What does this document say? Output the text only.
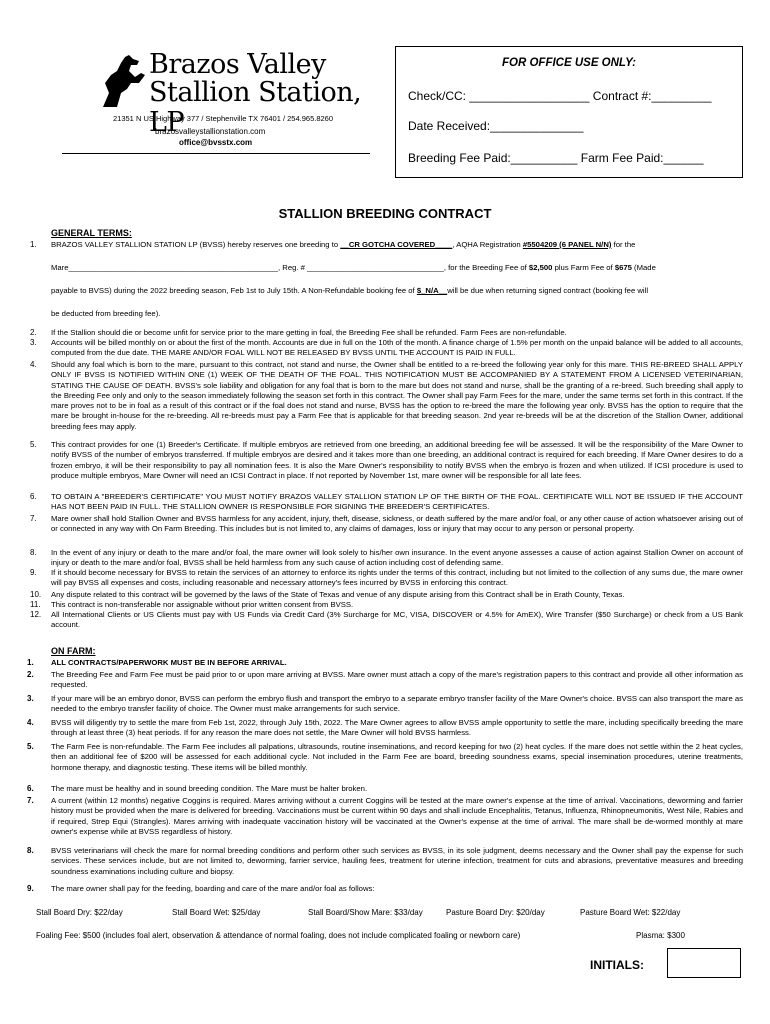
Brazos Valley
Stallion Station, LP
21351 N US Highway 377 / Stephenville TX 76401 / 254.965.8260
brazosvalleystallionstation.com
office@bvsstx.com
FOR OFFICE USE ONLY:
Check/CC: __________________ Contract #:_________
Date Received:______________
Breeding Fee Paid:__________ Farm Fee Paid:______
STALLION BREEDING CONTRACT
GENERAL TERMS:
1. BRAZOS VALLEY STALLION STATION LP (BVSS) hereby reserves one breeding to __CR GOTCHA COVERED____, AQHA Registration #5504209 (6 PANEL N/N) for the
Mare_________________________________________________, Reg. # ________________________________, for the Breeding Fee of $2,500 plus Farm Fee of $675 (Made
payable to BVSS) during the 2022 breeding season, Feb 1st to July 15th. A Non-Refundable booking fee of $_N/A__will be due when returning signed contract (booking fee will
be deducted from breeding fee).
2. If the Stallion should die or become unfit for service prior to the mare getting in foal, the Breeding Fee shall be refunded. Farm Fees are non-refundable.
3. Accounts will be billed monthly on or about the first of the month. Accounts are due in full on the 10th of the month. A finance charge of 1.5% per month on the unpaid balance will be added to all accounts, computed from the due date. THE MARE AND/OR FOAL WILL NOT BE RELEASED BY BVSS UNTIL THE ACCOUNT IS PAID IN FULL.
4. Should any foal which is born to the mare, pursuant to this contract, not stand and nurse, the Owner shall be entitled to a re-breed the following year only for this mare. THIS RE-BREED SHALL APPLY ONLY IF BVSS IS NOTIFIED WITHIN ONE (1) WEEK OF THE DEATH OF THE FOAL. THIS NOTIFICATION MUST BE ACCOMPANIED BY A STATEMENT FROM A LICENSED VETERINARIAN, STATING THE CAUSE OF DEATH. BVSS's sole liability and obligation for any foal that is born to the mare but does not stand and nurse, shall be the granting of a re-breed. Such breeding shall apply to the Breeding Fee only and only to the season immediately following the season set forth in this contract. The Owner shall pay Farm Fees for the mare, under the same terms set forth in this contract. If the mare proves not to be in foal as a result of this contract or if the foal does not stand and nurse, BVSS has the option to re-breed the mare the following year only. BVSS has the option to require that the mare be brought in-house for the re-breeding. All re-breeds must pay a Farm Fee that is applicable for that breeding season. 2nd year re-breeds will be at the discretion of the Stallion Owner, additional breeding fees may apply.
5. This contract provides for one (1) Breeder's Certificate. If multiple embryos are retrieved from one breeding, an additional breeding fee will be assessed. It will be the responsibility of the Mare Owner to notify BVSS of the number of embryos transferred. If multiple embryos are desired and it takes more than one breeding, an additional contract is required for each breeding. If Mare Owner desires to do a frozen embryo, it will be their responsibility to pay all nomination fees. It is also the Mare Owner's responsibility to notify BVSS when the embryo is frozen and when utilized. If ICSI procedure is used to produce multiple embryos, Mare Owner will need an ICSI Contract in place. If not reported by November 1st, mare owner will be responsible for all late fees.
6. TO OBTAIN A "BREEDER'S CERTIFICATE" YOU MUST NOTIFY BRAZOS VALLEY STALLION STATION LP OF THE BIRTH OF THE FOAL. CERTIFICATE WILL NOT BE ISSUED IF THE ACCOUNT HAS NOT BEEN PAID IN FULL. THE STALLION OWNER IS RESPONSIBLE FOR SIGNING THE BREEDER'S CERTIFICATES.
7. Mare owner shall hold Stallion Owner and BVSS harmless for any accident, injury, theft, disease, sickness, or death suffered by the mare and/or foal, or any other cause of action whatsoever arising out of or connected in any way with On Farm Breeding. This includes but is not limited to, any claims of damages, loss or injury that may occur to any person or personal property.
8. In the event of any injury or death to the mare and/or foal, the mare owner will look solely to his/her own insurance. In the event anyone assesses a cause of action against Stallion Owner on account of injury or death to the mare and/or foal, BVSS shall be held harmless from any such cause of action including cost of defending same.
9. If it should become necessary for BVSS to retain the services of an attorney to enforce its rights under the terms of this contract, including but not limited to the collection of any sums due, the mare owner will pay BVSS all expenses and costs, including reasonable and necessary attorney's fees incurred by BVSS in enforcing this contract.
10. Any dispute related to this contract will be governed by the laws of the State of Texas and venue of any dispute arising from this Contract shall be in Erath County, Texas.
11. This contract is non-transferable nor assignable without prior written consent from BVSS.
12. All International Clients or US Clients must pay with US Funds via Credit Card (3% Surcharge for MC, VISA, DISCOVER or 4.5% for AmEX), Wire Transfer ($50 Surcharge) or check from a US Bank account.
ON FARM:
1. ALL CONTRACTS/PAPERWORK MUST BE IN BEFORE ARRIVAL.
2. The Breeding Fee and Farm Fee must be paid prior to or upon mare arriving at BVSS. Mare owner must attach a copy of the mare's registration papers to this contract and provide all other information as requested.
3. If your mare will be an embryo donor, BVSS can perform the embryo flush and transport the embryo to a separate embryo transfer facility of the Mare Owner's choice. BVSS can also transport the mare as needed to the embryo transfer facility of choice. The Owner must make arrangements for such service.
4. BVSS will diligently try to settle the mare from Feb 1st, 2022, through July 15th, 2022. The Mare Owner agrees to allow BVSS ample opportunity to settle the mare, including specifically breeding the mare through at least three (3) heat periods. If for any reason the mare does not settle, the Mare Owner will hold BVSS harmless.
5. The Farm Fee is non-refundable. The Farm Fee includes all palpations, ultrasounds, routine inseminations, and record keeping for two (2) heat cycles. If the mare does not settle within the 2 heat cycles, then an additional fee of $200 will be assessed for each additional cycle. Not included in the Farm Fee are board, breeding soundness exams, special insemination procedures, uterine treatments, hormone therapy, and diagnostic testing. These items will be billed monthly.
6. The mare must be healthy and in sound breeding condition. The Mare must be halter broken.
7. A current (within 12 months) negative Coggins is required. Mares arriving without a current Coggins will be tested at the mare owner's expense at the time of arrival. Vaccinations, deworming and farrier history must be provided when the mare is delivered for breeding. Vaccinations must be current within 90 days and shall include Encephalitis, Tetanus, Influenza, Rhinopneumonitis, West Nile, Rabies and if required, Strep Equi (Strangles). Mares arriving with inadequate vaccination history will be vaccinated at the Owner's expense at the time of arrival. The mare shall be de-wormed monthly at mare owner's expense while at BVSS regardless of history.
8. BVSS veterinarians will check the mare for normal breeding conditions and perform other such services as BVSS, in its sole judgment, deems necessary and the Owner shall pay the expense for such services. These services include, but are not limited to, deworming, farrier service, hauling fees, treatment for uterine infection, treatment for cuts and abrasions, preventative measures and breeding soundness examinations including culture and biopsy.
9. The mare owner shall pay for the feeding, boarding and care of the mare and/or foal as follows:
Stall Board Dry: $22/day	Stall Board Wet: $25/day	Stall Board/Show Mare: $33/day	Pasture Board Dry: $20/day	Pasture Board Wet: $22/day
Foaling Fee: $500 (includes foal alert, observation & attendance of normal foaling, does not include complicated foaling or newborn care)	Plasma: $300
INITIALS:
